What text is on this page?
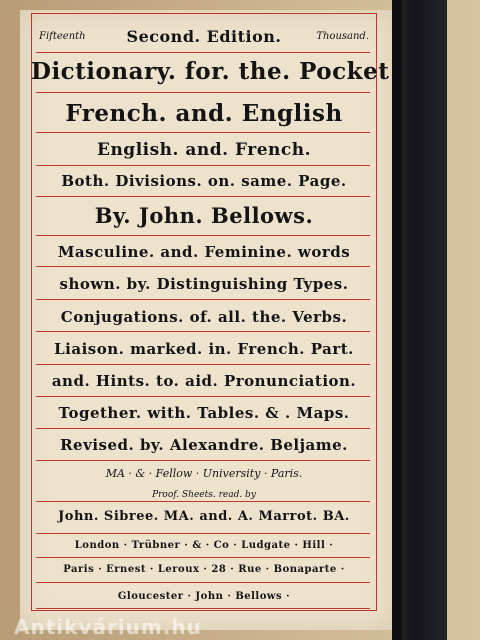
Fifteenth	Second. Edition.	Thousand.
Dictionary. for. the. Pocket
French. and. English
English. and. French.
Both. Divisions. on. same. Page.
By. John. Bellows.
Masculine. and. Feminine. words
shown. by. Distinguishing Types.
Conjugations. of. all. the. Verbs.
Liaison. marked. in. French. Part.
and. Hints. to. aid. Pronunciation.
Together. with. Tables. & . Maps.
Revised. by. Alexandre. Beljame.
MA · & · Fellow · University · Paris.
Proof. Sheets. read. by
John. Sibree. MA. and. A. Marrot. BA.
London · Trübner · & · Co · Ludgate · Hill ·
Paris · Ernest · Leroux · 28 · Rue · Bonaparte ·
Gloucester · John · Bellows ·
Antikvárium.hu
